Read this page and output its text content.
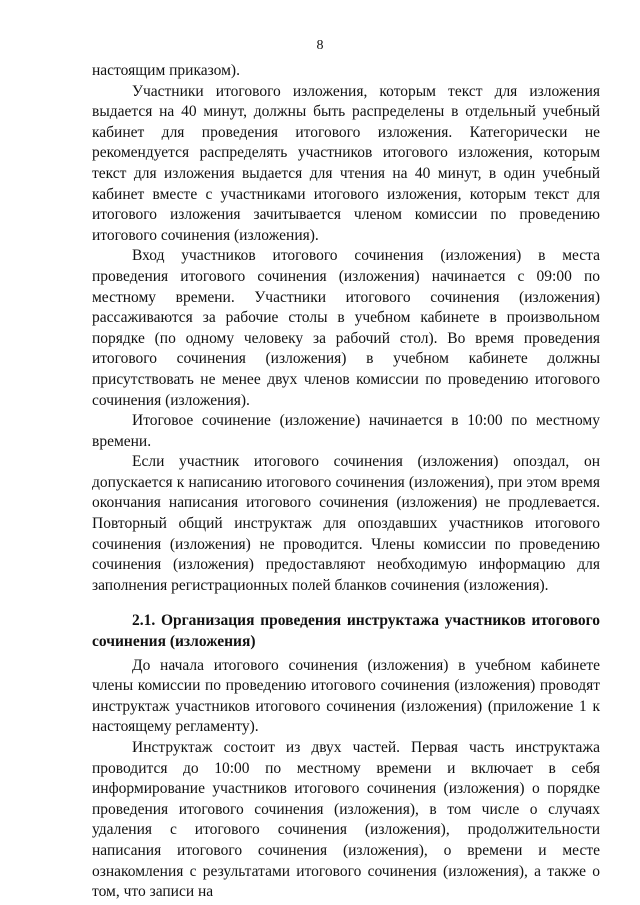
8

настоящим приказом).

Участники итогового изложения, которым текст для изложения выдается на 40 минут, должны быть распределены в отдельный учебный кабинет для проведения итогового изложения. Категорически не рекомендуется распределять участников итогового изложения, которым текст для изложения выдается для чтения на 40 минут, в один учебный кабинет вместе с участниками итогового изложения, которым текст для итогового изложения зачитывается членом комиссии по проведению итогового сочинения (изложения).

Вход участников итогового сочинения (изложения) в места проведения итогового сочинения (изложения) начинается с 09:00 по местному времени. Участники итогового сочинения (изложения) рассаживаются за рабочие столы в учебном кабинете в произвольном порядке (по одному человеку за рабочий стол). Во время проведения итогового сочинения (изложения) в учебном кабинете должны присутствовать не менее двух членов комиссии по проведению итогового сочинения (изложения).

Итоговое сочинение (изложение) начинается в 10:00 по местному времени.

Если участник итогового сочинения (изложения) опоздал, он допускается к написанию итогового сочинения (изложения), при этом время окончания написания итогового сочинения (изложения) не продлевается. Повторный общий инструктаж для опоздавших участников итогового сочинения (изложения) не проводится. Члены комиссии по проведению сочинения (изложения) предоставляют необходимую информацию для заполнения регистрационных полей бланков сочинения (изложения).

2.1. Организация проведения инструктажа участников итогового сочинения (изложения)

До начала итогового сочинения (изложения) в учебном кабинете члены комиссии по проведению итогового сочинения (изложения) проводят инструктаж участников итогового сочинения (изложения) (приложение 1 к настоящему регламенту).

Инструктаж состоит из двух частей. Первая часть инструктажа проводится до 10:00 по местному времени и включает в себя информирование участников итогового сочинения (изложения) о порядке проведения итогового сочинения (изложения), в том числе о случаях удаления с итогового сочинения (изложения), продолжительности написания итогового сочинения (изложения), о времени и месте ознакомления с результатами итогового сочинения (изложения), а также о том, что записи на
